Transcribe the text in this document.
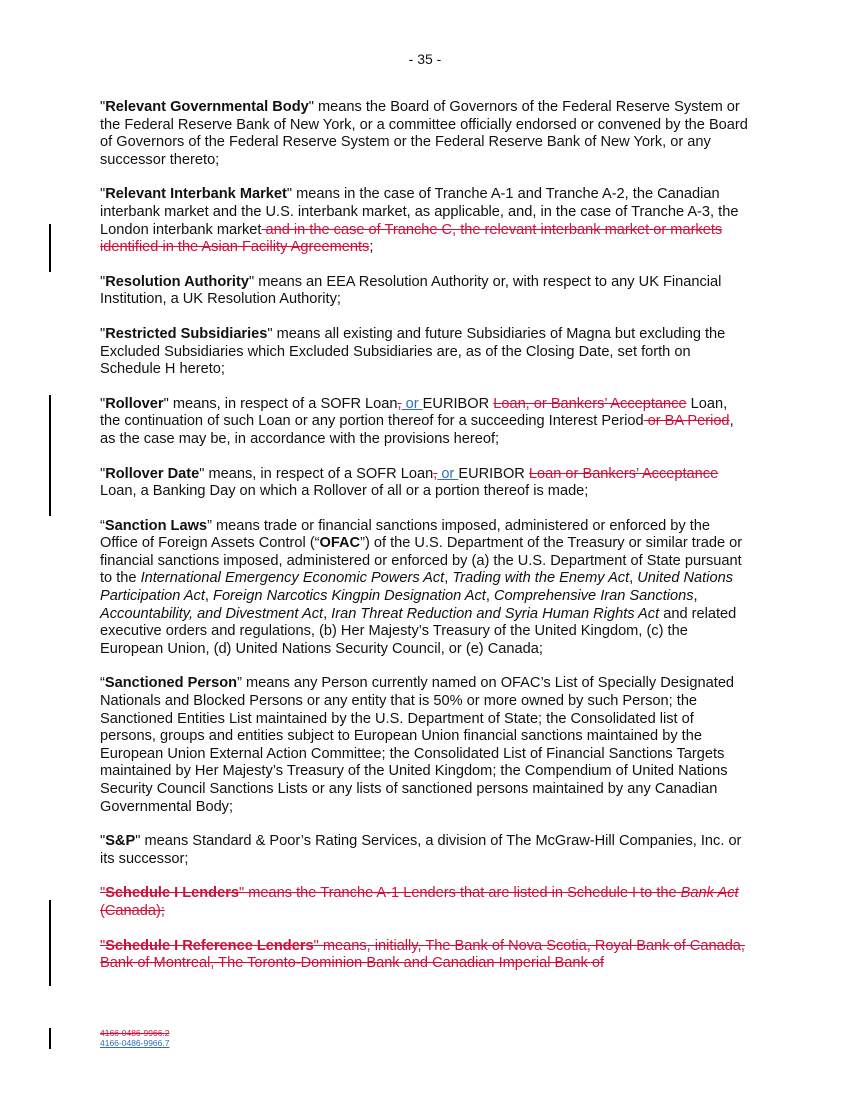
- 35 -

"Relevant Governmental Body" means the Board of Governors of the Federal Reserve System or the Federal Reserve Bank of New York, or a committee officially endorsed or convened by the Board of Governors of the Federal Reserve System or the Federal Reserve Bank of New York, or any successor thereto;

"Relevant Interbank Market" means in the case of Tranche A-1 and Tranche A-2, the Canadian interbank market and the U.S. interbank market, as applicable, and, in the case of Tranche A-3, the London interbank market and in the case of Tranche C, the relevant interbank market or markets identified in the Asian Facility Agreements;

"Resolution Authority" means an EEA Resolution Authority or, with respect to any UK Financial Institution, a UK Resolution Authority;

"Restricted Subsidiaries" means all existing and future Subsidiaries of Magna but excluding the Excluded Subsidiaries which Excluded Subsidiaries are, as of the Closing Date, set forth on Schedule H hereto;

"Rollover" means, in respect of a SOFR Loan, or EURIBOR Loan, or Bankers’ Acceptance Loan, the continuation of such Loan or any portion thereof for a succeeding Interest Period or BA Period, as the case may be, in accordance with the provisions hereof;

"Rollover Date" means, in respect of a SOFR Loan, or EURIBOR Loan or Bankers’ Acceptance Loan, a Banking Day on which a Rollover of all or a portion thereof is made;

“Sanction Laws” means trade or financial sanctions imposed, administered or enforced by the Office of Foreign Assets Control (“OFAC”) of the U.S. Department of the Treasury or similar trade or financial sanctions imposed, administered or enforced by (a) the U.S. Department of State pursuant to the International Emergency Economic Powers Act, Trading with the Enemy Act, United Nations Participation Act, Foreign Narcotics Kingpin Designation Act, Comprehensive Iran Sanctions, Accountability, and Divestment Act, Iran Threat Reduction and Syria Human Rights Act and related executive orders and regulations, (b) Her Majesty’s Treasury of the United Kingdom, (c) the European Union, (d) United Nations Security Council, or (e) Canada;

“Sanctioned Person” means any Person currently named on OFAC’s List of Specially Designated Nationals and Blocked Persons or any entity that is 50% or more owned by such Person; the Sanctioned Entities List maintained by the U.S. Department of State; the Consolidated list of persons, groups and entities subject to European Union financial sanctions maintained by the European Union External Action Committee; the Consolidated List of Financial Sanctions Targets maintained by Her Majesty’s Treasury of the United Kingdom; the Compendium of United Nations Security Council Sanctions Lists or any lists of sanctioned persons maintained by any Canadian Governmental Body;

"S&P" means Standard & Poor’s Rating Services, a division of The McGraw-Hill Companies, Inc. or its successor;

"Schedule I Lenders" means the Tranche A-1 Lenders that are listed in Schedule I to the Bank Act (Canada);

"Schedule I Reference Lenders" means, initially, The Bank of Nova Scotia, Royal Bank of Canada, Bank of Montreal, The Toronto-Dominion Bank and Canadian Imperial Bank of

4166-0486-9966.2
4166-0486-9966.7
